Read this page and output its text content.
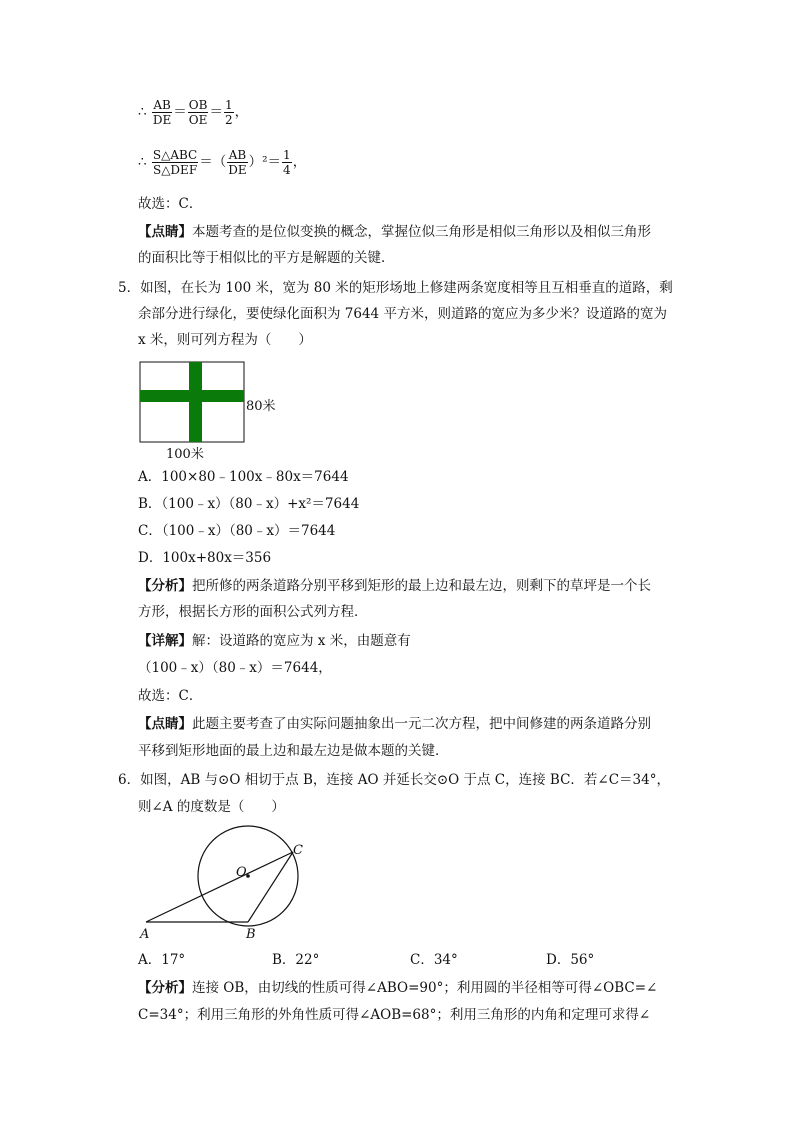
∴ $\frac{AB}{DE} = \frac{OB}{OE} = \frac{1}{2}$ ，
∴ $\frac{\text{S△ABC}}{\text{S△DEF}}$ ＝（ $\frac{AB}{DE} )^2= \frac{1}{4}$ ，
故选：C．
【点睛】本题考查的是位似变换的概念，掌握位似三角形是相似三角形以及相似三角形
的面积比等于相似比的平方是解题的关键．
5．如图，在长为 100 米，宽为 80 米的矩形场地上修建两条宽度相等且互相垂直的道路，剩
余部分进行绿化，要使绿化面积为 7644 平方米，则道路的宽应为多少米？设道路的宽为
x 米，则可列方程为（　　）
80米
100米
A．100×80﹣100x﹣80x＝7644
B．（100﹣x）（80﹣x）+x²＝7644
C．（100﹣x）（80﹣x）＝7644
D．100x+80x＝356
【分析】把所修的两条道路分别平移到矩形的最上边和最左边，则剩下的草坪是一个长
方形，根据长方形的面积公式列方程．
【详解】解：设道路的宽应为 x 米，由题意有
（100﹣x）（80﹣x）＝7644，
故选：C．
【点睛】此题主要考查了由实际问题抽象出一元二次方程，把中间修建的两条道路分别
平移到矩形地面的最上边和最左边是做本题的关键．
6．如图，AB 与⊙O 相切于点 B，连接 AO 并延长交⊙O 于点 C，连接 BC．若∠C＝34°，
则∠A 的度数是（　　）
A	B
C
O
A．17°	B．22°	C．34°	D．56°
【分析】连接 OB，由切线的性质可得∠ABO=90°；利用圆的半径相等可得∠OBC=∠
C=34°；利用三角形的外角性质可得∠AOB=68°；利用三角形的内角和定理可求得∠
